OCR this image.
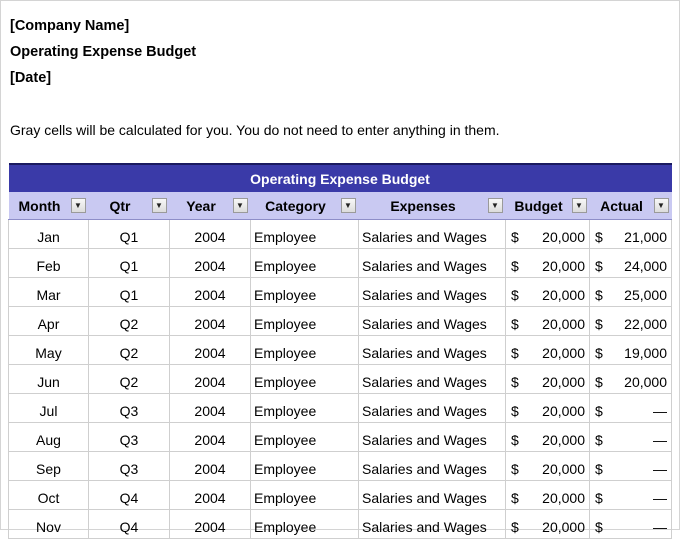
[Company Name]
Operating Expense Budget
[Date]
Gray cells will be calculated for you. You do not need to enter anything in them.
Operating Expense Budget						

Month ▼	Qtr ▼	Year ▼	Category ▼	Expenses ▼	Budget ▼	Actual ▼

Jan	Q1	2004	Employee	Salaries and Wages	$ 20,000	$ 21,000

Feb	Q1	2004	Employee	Salaries and Wages	$ 20,000	$ 24,000

Mar	Q1	2004	Employee	Salaries and Wages	$ 20,000	$ 25,000

Apr	Q2	2004	Employee	Salaries and Wages	$ 20,000	$ 22,000

May	Q2	2004	Employee	Salaries and Wages	$ 20,000	$ 19,000

Jun	Q2	2004	Employee	Salaries and Wages	$ 20,000	$ 20,000

Jul	Q3	2004	Employee	Salaries and Wages	$ 20,000	$ —

Aug	Q3	2004	Employee	Salaries and Wages	$ 20,000	$ —

Sep	Q3	2004	Employee	Salaries and Wages	$ 20,000	$ —

Oct	Q4	2004	Employee	Salaries and Wages	$ 20,000	$ —

Nov	Q4	2004	Employee	Salaries and Wages	$ 20,000	$ —
